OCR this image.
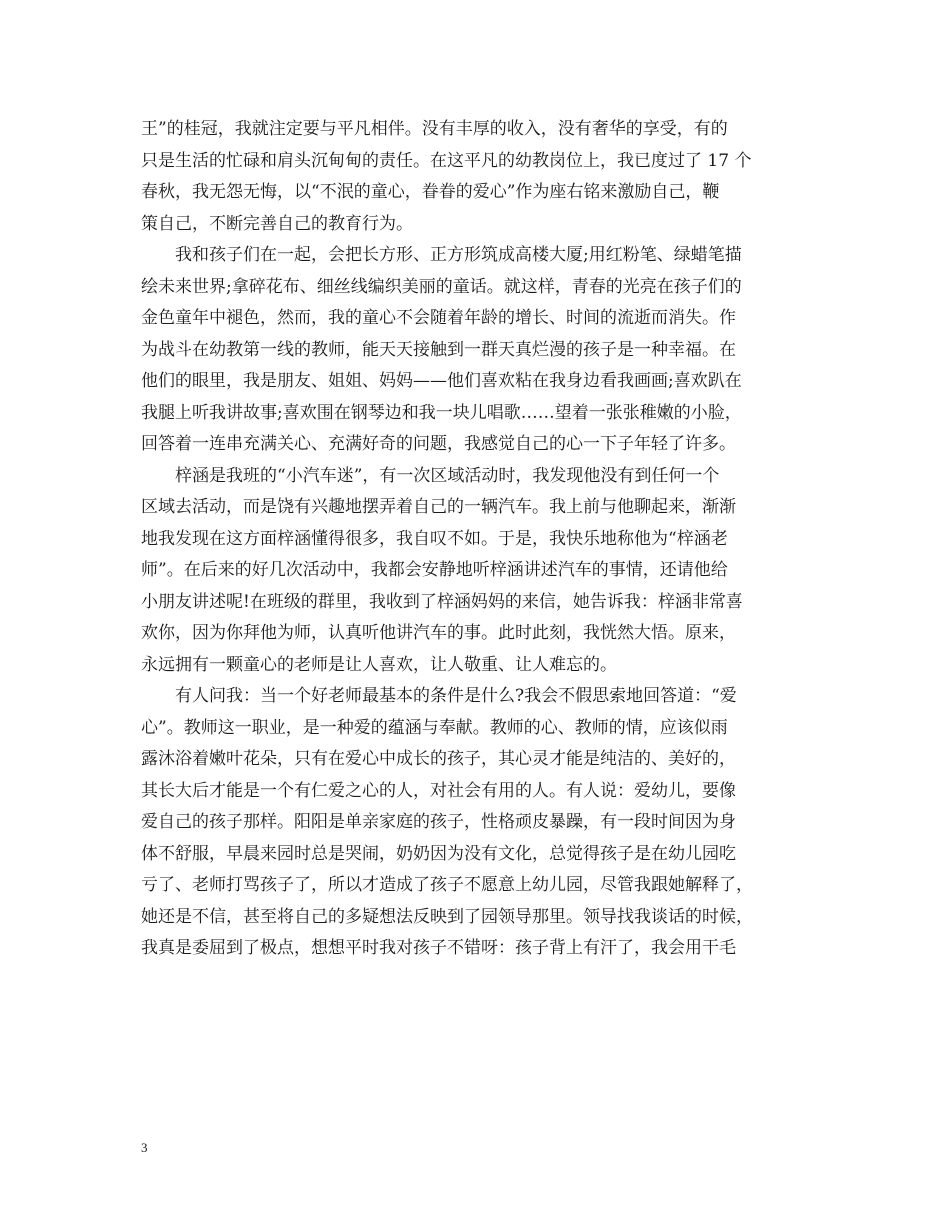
王”的桂冠，我就注定要与平凡相伴。没有丰厚的收入，没有奢华的享受，有的
只是生活的忙碌和肩头沉甸甸的责任。在这平凡的幼教岗位上，我已度过了 17 个
春秋，我无怨无悔，以“不泯的童心，眷眷的爱心”作为座右铭来激励自己，鞭
策自己，不断完善自己的教育行为。
　　我和孩子们在一起，会把长方形、正方形筑成高楼大厦;用红粉笔、绿蜡笔描
绘未来世界;拿碎花布、细丝线编织美丽的童话。就这样，青春的光亮在孩子们的
金色童年中褪色，然而，我的童心不会随着年龄的增长、时间的流逝而消失。作
为战斗在幼教第一线的教师，能天天接触到一群天真烂漫的孩子是一种幸福。在
他们的眼里，我是朋友、姐姐、妈妈——他们喜欢粘在我身边看我画画;喜欢趴在
我腿上听我讲故事;喜欢围在钢琴边和我一块儿唱歌……望着一张张稚嫩的小脸，
回答着一连串充满关心、充满好奇的问题，我感觉自己的心一下子年轻了许多。
　　梓涵是我班的“小汽车迷”，有一次区域活动时，我发现他没有到任何一个
区域去活动，而是饶有兴趣地摆弄着自己的一辆汽车。我上前与他聊起来，渐渐
地我发现在这方面梓涵懂得很多，我自叹不如。于是，我快乐地称他为“梓涵老
师”。在后来的好几次活动中，我都会安静地听梓涵讲述汽车的事情，还请他给
小朋友讲述呢!在班级的群里，我收到了梓涵妈妈的来信，她告诉我：梓涵非常喜
欢你，因为你拜他为师，认真听他讲汽车的事。此时此刻，我恍然大悟。原来，
永远拥有一颗童心的老师是让人喜欢，让人敬重、让人难忘的。
　　有人问我：当一个好老师最基本的条件是什么?我会不假思索地回答道：“爱
心”。教师这一职业，是一种爱的蕴涵与奉献。教师的心、教师的情，应该似雨
露沐浴着嫩叶花朵，只有在爱心中成长的孩子，其心灵才能是纯洁的、美好的，
其长大后才能是一个有仁爱之心的人，对社会有用的人。有人说：爱幼儿，要像
爱自己的孩子那样。阳阳是单亲家庭的孩子，性格顽皮暴躁，有一段时间因为身
体不舒服，早晨来园时总是哭闹，奶奶因为没有文化，总觉得孩子是在幼儿园吃
亏了、老师打骂孩子了，所以才造成了孩子不愿意上幼儿园，尽管我跟她解释了，
她还是不信，甚至将自己的多疑想法反映到了园领导那里。领导找我谈话的时候，
我真是委屈到了极点，想想平时我对孩子不错呀：孩子背上有汗了，我会用干毛
3
